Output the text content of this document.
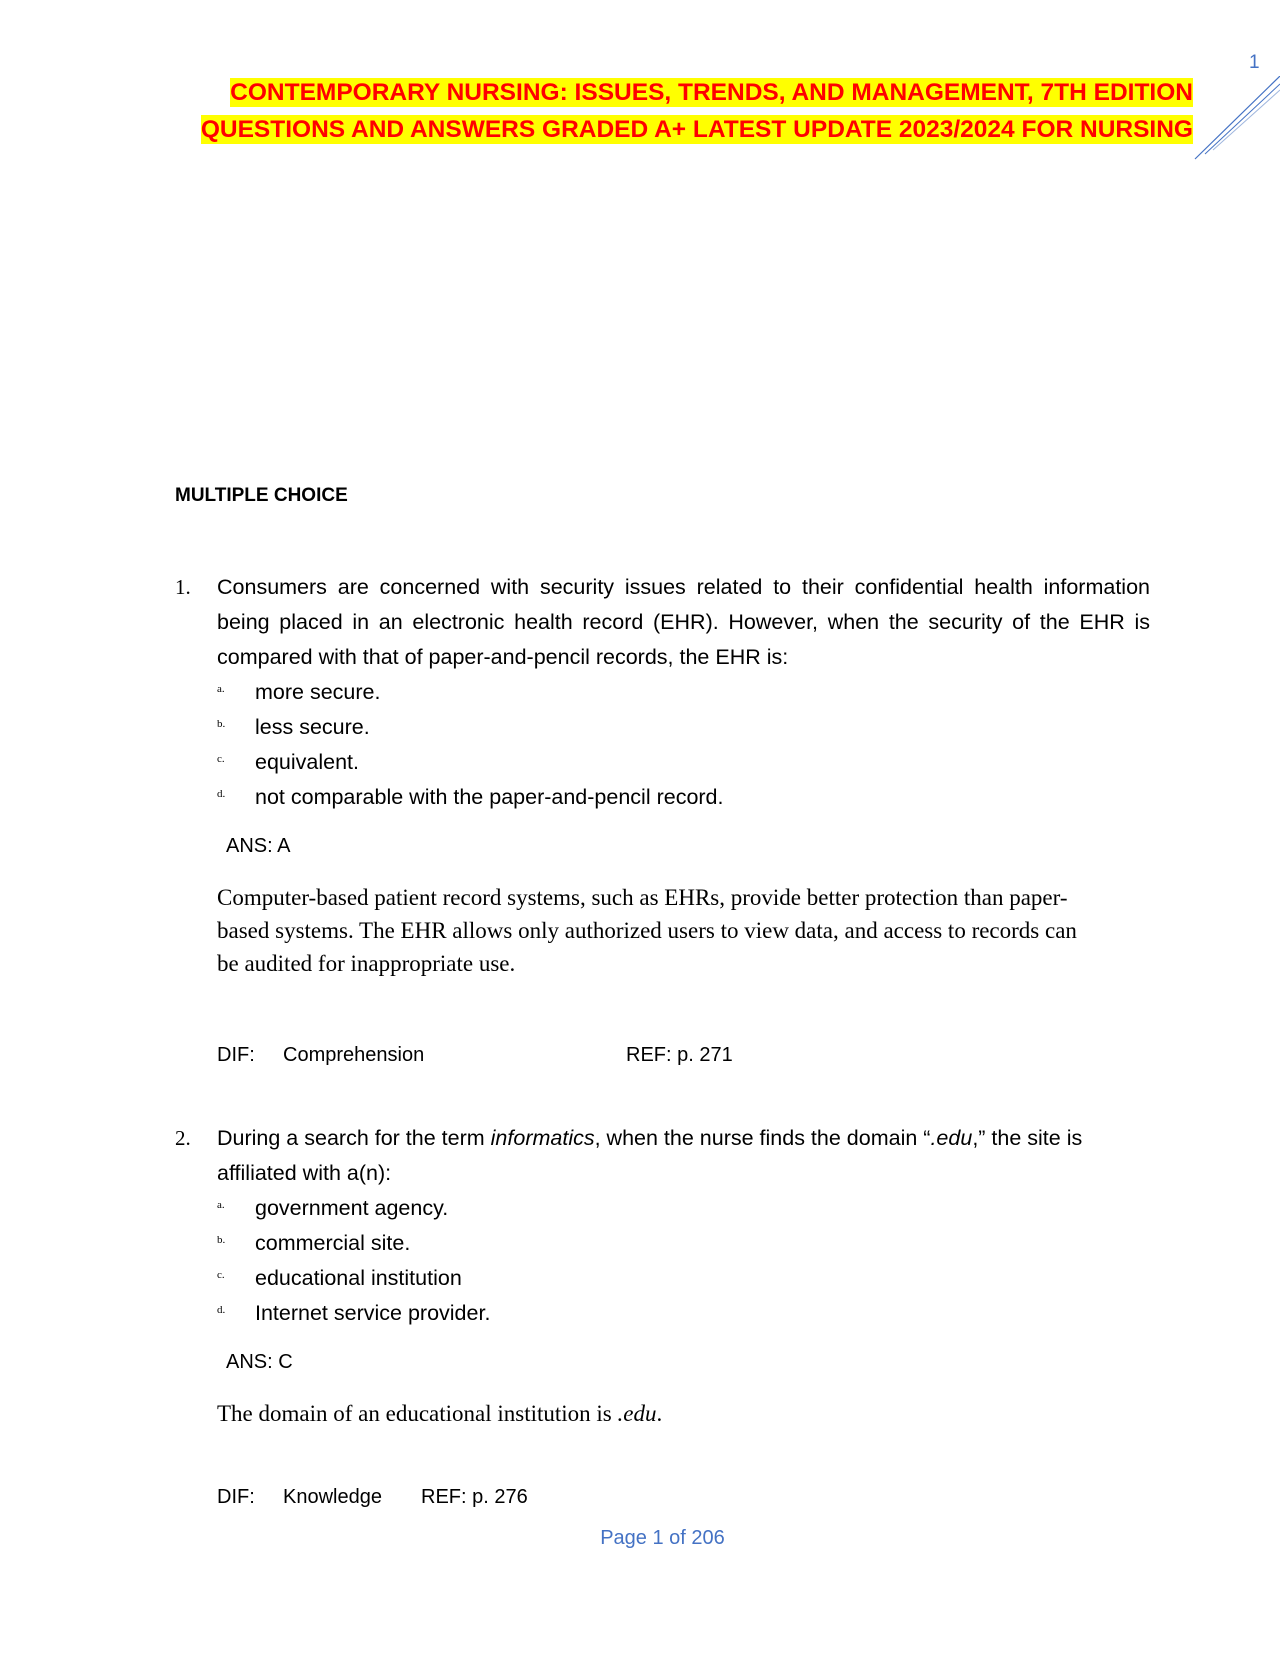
1
CONTEMPORARY NURSING: ISSUES, TRENDS, AND MANAGEMENT, 7TH EDITION
QUESTIONS AND ANSWERS GRADED A+ LATEST UPDATE 2023/2024 FOR NURSING
MULTIPLE CHOICE
1. Consumers are concerned with security issues related to their confidential health information being placed in an electronic health record (EHR). However, when the security of the EHR is compared with that of paper-and-pencil records, the EHR is:
a. more secure.
b. less secure.
c. equivalent.
d. not comparable with the paper-and-pencil record.
ANS: A
Computer-based patient record systems, such as EHRs, provide better protection than paper-based systems. The EHR allows only authorized users to view data, and access to records can be audited for inappropriate use.
DIF: Comprehension	REF: p. 271
2. During a search for the term informatics, when the nurse finds the domain “.edu,” the site is affiliated with a(n):
a. government agency.
b. commercial site.
c. educational institution
d. Internet service provider.
ANS: C
The domain of an educational institution is .edu.
DIF: Knowledge REF: p. 276
Page 1 of 206
